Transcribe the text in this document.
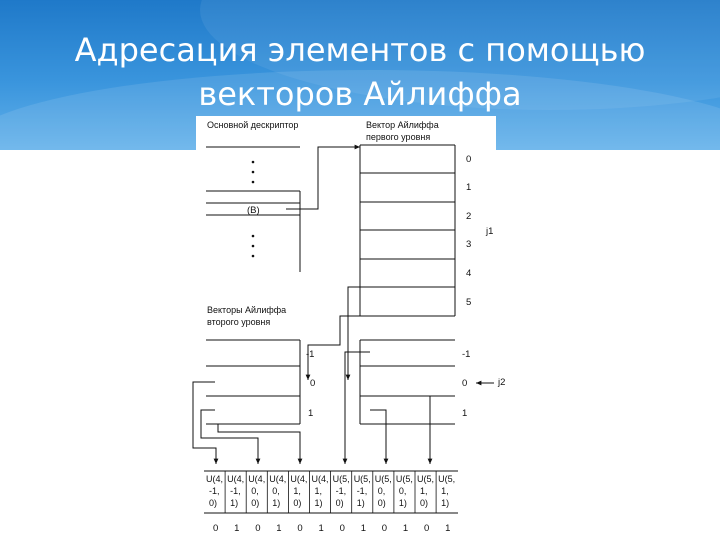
Адресация элементов с помощью
векторов Айлиффа
Основной дескриптор	Вектор Айлиффа
первого уровня
(В)
0
1
2
3
4
5
j1
Векторы Айлиффа
второго уровня
-1
0
1
-1
0
1
j2
U(4,
-1,
0)
U(4,
-1,
1)
U(4,
0,
0)
U(4,
0,
1)
U(4,
1,
0)
U(4,
1,
1)
U(5,
-1,
0)
U(5,
-1,
1)
U(5,
0,
0)
U(5,
0,
1)
U(5,
1,
0)
U(5,
1,
1)
0 1 0 1 0 1 0 1 0 1 0 1
